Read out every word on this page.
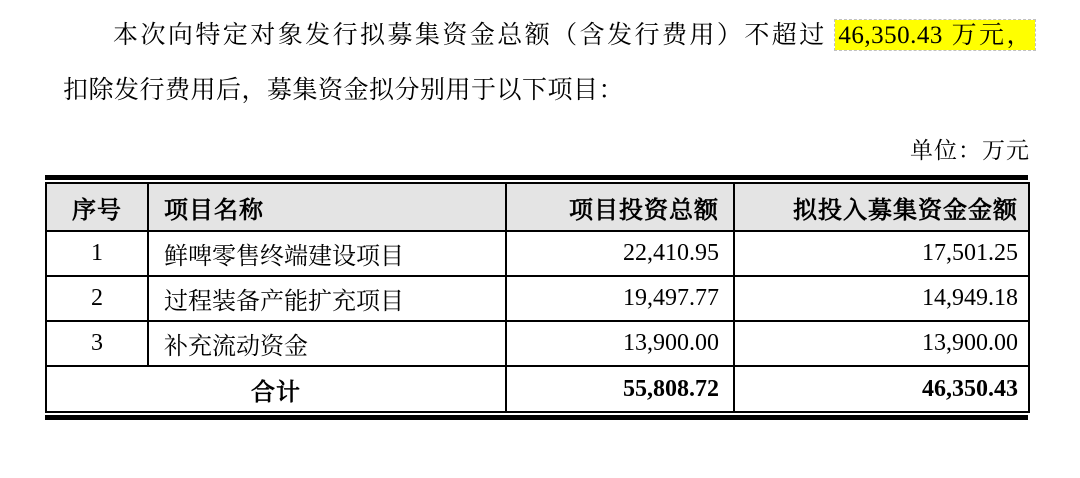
本次向特定对象发行拟募集资金总额（含发行费用）不超过 46,350.43 万元，
扣除发行费用后，募集资金拟分别用于以下项目：
单位：万元
序号	项目名称	项目投资总额	拟投入募集资金金额
1	鲜啤零售终端建设项目	22,410.95	17,501.25
2	过程装备产能扩充项目	19,497.77	14,949.18
3	补充流动资金	13,900.00	13,900.00
合计		55,808.72	46,350.43
